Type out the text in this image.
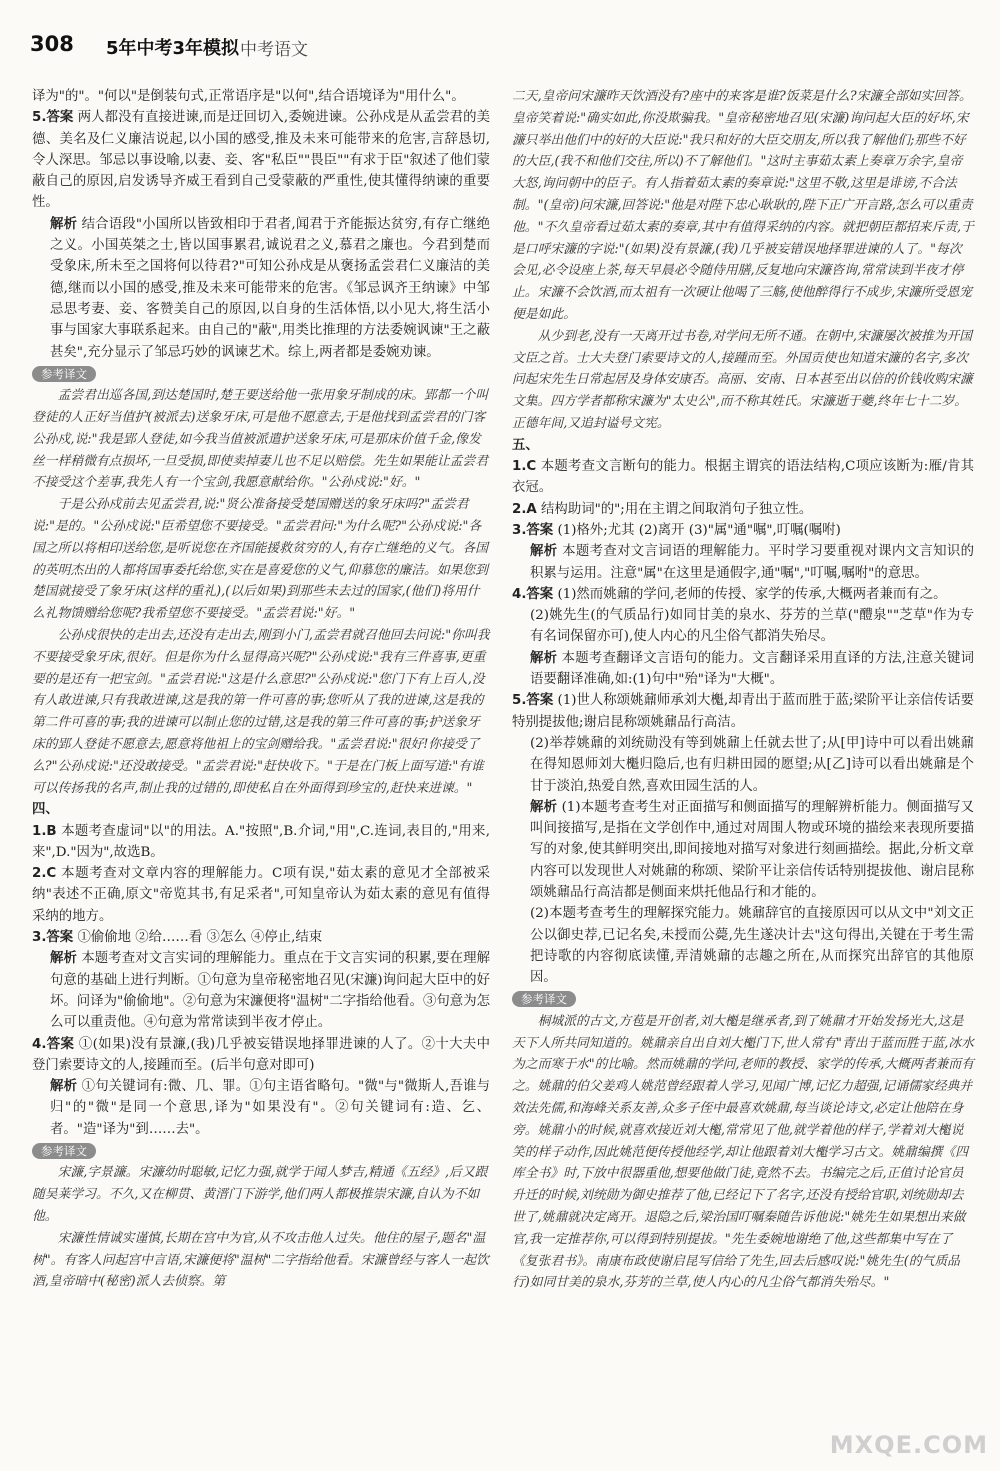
308 5年中考3年模拟 中考语文

译为"的"。"何以"是倒装句式,正常语序是"以何",结合语境译为"用什么"。

5.答案 两人都没有直接进谏,而是迂回切入,委婉进谏。公孙戍是从孟尝君的美德、美名及仁义廉洁说起,以小国的感受,推及未来可能带来的危害,言辞恳切,令人深思。邹忌以事设喻,以妻、妾、客"私臣""畏臣""有求于臣"叙述了他们蒙蔽自己的原因,启发诱导齐威王看到自己受蒙蔽的严重性,使其懂得纳谏的重要性。

解析 结合语段"小国所以皆致相印于君者,闻君于齐能振达贫穷,有存亡继绝之义。小国英桀之士,皆以国事累君,诚说君之义,慕君之廉也。今君到楚而受象床,所未至之国将何以待君?"可知公孙戍是从褒扬孟尝君仁义廉洁的美德,继而以小国的感受,推及未来可能带来的危害。《邹忌讽齐王纳谏》中邹忌思考妻、妾、客赞美自己的原因,以自身的生活体悟,以小见大,将生活小事与国家大事联系起来。由自己的"蔽",用类比推理的方法委婉讽谏"王之蔽甚矣",充分显示了邹忌巧妙的讽谏艺术。综上,两者都是委婉劝谏。

参考译文

孟尝君出巡各国,到达楚国时,楚王要送给他一张用象牙制成的床。郢都一个叫登徒的人正好当值护(被派去)送象牙床,可是他不愿意去,于是他找到孟尝君的门客公孙戍,说:"我是郢人登徒,如今我当值被派遣护送象牙床,可是那床价值千金,像发丝一样稍微有点损坏,一旦受损,即使卖掉妻儿也不足以赔偿。先生如果能让孟尝君不接受这个差事,我先人有一个宝剑,我愿意献给你。"公孙戍说:"好。"

于是公孙戍前去见孟尝君,说:"贤公准备接受楚国赠送的象牙床吗?"孟尝君说:"是的。"公孙戍说:"臣希望您不要接受。"孟尝君问:"为什么呢?"公孙戍说:"各国之所以将相印送给您,是听说您在齐国能援救贫穷的人,有存亡继绝的义气。各国的英明杰出的人都将国事委托给您,实在是喜爱您的义气,仰慕您的廉洁。如果您到楚国就接受了象牙床(这样的重礼),(以后如果)到那些未去过的国家,(他们)将用什么礼物馈赠给您呢?我希望您不要接受。"孟尝君说:"好。"

公孙戍很快的走出去,还没有走出去,刚到小门,孟尝君就召他回去问说:"你叫我不要接受象牙床,很好。但是你为什么显得高兴呢?"公孙戍说:"我有三件喜事,更重要的是还有一把宝剑。"孟尝君说:"这是什么意思?"公孙戍说:"您门下有上百人,没有人敢进谏,只有我敢进谏,这是我的第一件可喜的事;您听从了我的进谏,这是我的第二件可喜的事;我的进谏可以制止您的过错,这是我的第三件可喜的事;护送象牙床的郢人登徒不愿意去,愿意将他祖上的宝剑赠给我。"孟尝君说:"很好!你接受了么?"公孙戍说:"还没敢接受。"孟尝君说:"赶快收下。"于是在门板上面写道:"有谁可以传扬我的名声,制止我的过错的,即使私自在外面得到珍宝的,赶快来进谏。"

四、

1.B 本题考查虚词"以"的用法。A."按照",B.介词,"用",C.连词,表目的,"用来,来",D."因为",故选B。

2.C 本题考查对文章内容的理解能力。C项有误,"茹太素的意见才全部被采纳"表述不正确,原文"帝览其书,有足采者",可知皇帝认为茹太素的意见有值得采纳的地方。

3.答案 ①偷偷地 ②给……看 ③怎么 ④停止,结束

解析 本题考查对文言实词的理解能力。重点在于文言实词的积累,要在理解句意的基础上进行判断。①句意为皇帝秘密地召见(宋濂)询问起大臣中的好坏。问译为"偷偷地"。②句意为宋濂便将"温树"二字指给他看。③句意为怎么可以重责他。④句意为常常读到半夜才停止。

4.答案 ①(如果)没有景濂,(我)几乎被妄错误地择罪进谏的人了。②十大夫中登门索要诗文的人,接踵而至。(后半句意对即可)

解析 ①句关键词有:微、几、罪。①句主语省略句。"微"与"微斯人,吾谁与归"的"微"是同一个意思,译为"如果没有"。②句关键词有:造、乞、者。"造"译为"到……去"。

参考译文

宋濂,字景濂。宋濂幼时聪敏,记忆力强,就学于闻人梦吉,精通《五经》,后又跟随吴莱学习。不久,又在柳贯、黄溍门下游学,他们两人都极推崇宋濂,自认为不如他。

宋濂性情诚实谨慎,长期在宫中为官,从不攻击他人过失。他住的屋子,题名"温树"。有客人问起宫中言语,宋濂便将"温树"二字指给他看。宋濂曾经与客人一起饮酒,皇帝暗中(秘密)派人去侦察。第

二天,皇帝问宋濂昨天饮酒没有?座中的来客是谁?饭菜是什么?宋濂全部如实回答。皇帝笑着说:"确实如此,你没欺骗我。"皇帝秘密地召见(宋濂)询问起大臣的好坏,宋濂只举出他们中的好的大臣说:"我只和好的大臣交朋友,所以我了解他们;那些不好的大臣,(我不和他们交往,所以)不了解他们。"这时主事茹太素上奏章万余字,皇帝大怒,询问朝中的臣子。有人指着茹太素的奏章说:"这里不敬,这里是诽谤,不合法制。"(皇帝)问宋濂,回答说:"他是对陛下忠心耿耿的,陛下正广开言路,怎么可以重责他。"不久皇帝看过茹太素的奏章,其中有值得采纳的内容。就把朝臣都招来斥责,于是口呼宋濂的字说:"(如果)没有景濂,(我)几乎被妄错误地择罪进谏的人了。"每次会见,必令设座上茶,每天早晨必令随侍用膳,反复地向宋濂咨询,常常读到半夜才停止。宋濂不会饮酒,而太祖有一次硬让他喝了三觞,使他醉得行不成步,宋濂所受恩宠便是如此。

从少到老,没有一天离开过书卷,对学问无所不通。在朝中,宋濂屡次被推为开国文臣之首。士大夫登门索要诗文的人,接踵而至。外国贡使也知道宋濂的名字,多次问起宋先生日常起居及身体安康否。高丽、安南、日本甚至出以倍的价钱收购宋濂文集。四方学者都称宋濂为"太史公",而不称其姓氏。宋濂逝于夔,终年七十二岁。正德年间,又追封谥号文宪。

五、

1.C 本题考查文言断句的能力。根据主谓宾的语法结构,C项应该断为:雁/肯其衣冠。

2.A 结构助词"的";用在主谓之间取消句子独立性。

3.答案 (1)格外;尤其 (2)离开 (3)"属"通"嘱",叮嘱(嘱咐)

解析 本题考查对文言词语的理解能力。平时学习要重视对课内文言知识的积累与运用。注意"属"在这里是通假字,通"嘱","叮嘱,嘱咐"的意思。

4.答案 (1)然而姚鼐的学问,老师的传授、家学的传承,大概两者兼而有之。

(2)姚先生(的气质品行)如同甘美的泉水、芬芳的兰草("醴泉""芝草"作为专有名词保留亦可),使人内心的凡尘俗气都消失殆尽。

解析 本题考查翻译文言语句的能力。文言翻译采用直译的方法,注意关键词语要翻译准确,如:(1)句中"殆"译为"大概"。

5.答案 (1)世人称颂姚鼐师承刘大櫆,却青出于蓝而胜于蓝;梁阶平让亲信传话要特别提拔他;谢启昆称颂姚鼐品行高洁。

(2)举荐姚鼐的刘统勋没有等到姚鼐上任就去世了;从[甲]诗中可以看出姚鼐在得知恩师刘大櫆归隐后,也有归耕田园的愿望;从[乙]诗可以看出姚鼐是个甘于淡泊,热爱自然,喜欢田园生活的人。

解析 (1)本题考查考生对正面描写和侧面描写的理解辨析能力。侧面描写又叫间接描写,是指在文学创作中,通过对周围人物或环境的描绘来表现所要描写的对象,使其鲜明突出,即间接地对描写对象进行刻画描绘。据此,分析文章内容可以发现世人对姚鼐的称颂、梁阶平让亲信传话特别提拔他、谢启昆称颂姚鼐品行高洁都是侧面来烘托他品行和才能的。

(2)本题考查考生的理解探究能力。姚鼐辞官的直接原因可以从文中"刘文正公以御史荐,已记名矣,未授而公薨,先生遂决计去"这句得出,关键在于考生需把诗歌的内容彻底读懂,弄清姚鼐的志趣之所在,从而探究出辞官的其他原因。

参考译文

桐城派的古文,方苞是开创者,刘大櫆是继承者,到了姚鼐才开始发扬光大,这是天下人所共同知道的。姚鼐亲自出自刘大櫆门下,世人常有"青出于蓝而胜于蓝,冰水为之而寒于水"的比喻。然而姚鼐的学问,老师的教授、家学的传承,大概两者兼而有之。姚鼐的伯父姜鸡人姚范曾经跟着人学习,见闻广博,记忆力超强,记诵儒家经典并效法先儒,和海峰关系友善,众多子侄中最喜欢姚鼐,每当谈论诗文,必定让他陪在身旁。姚鼐小的时候,就喜欢接近刘大櫆,常常见了他,就学着他的样子,学着刘大櫆说笑的样子动作,因此姚范便传授他经学,却让他跟着刘大櫆学习古文。姚鼐编撰《四库全书》时,下放中很器重他,想要他做门徒,竟然不去。书编完之后,正值讨论官员升迁的时候,刘统勋为御史推荐了他,已经记下了名字,还没有授给官职,刘统勋却去世了,姚鼐就决定离开。退隐之后,梁治国叮嘱秦随告诉他说:"姚先生如果想出来做官,我一定推荐你,可以得到特别提拔。"先生委婉地谢绝了他,这些都集中写在了《复张君书》。南康布政使谢启昆写信给了先生,回去后感叹说:"姚先生(的气质品行)如同甘美的泉水,芬芳的兰草,使人内心的凡尘俗气都消失殆尽。"

MXQE.COM
